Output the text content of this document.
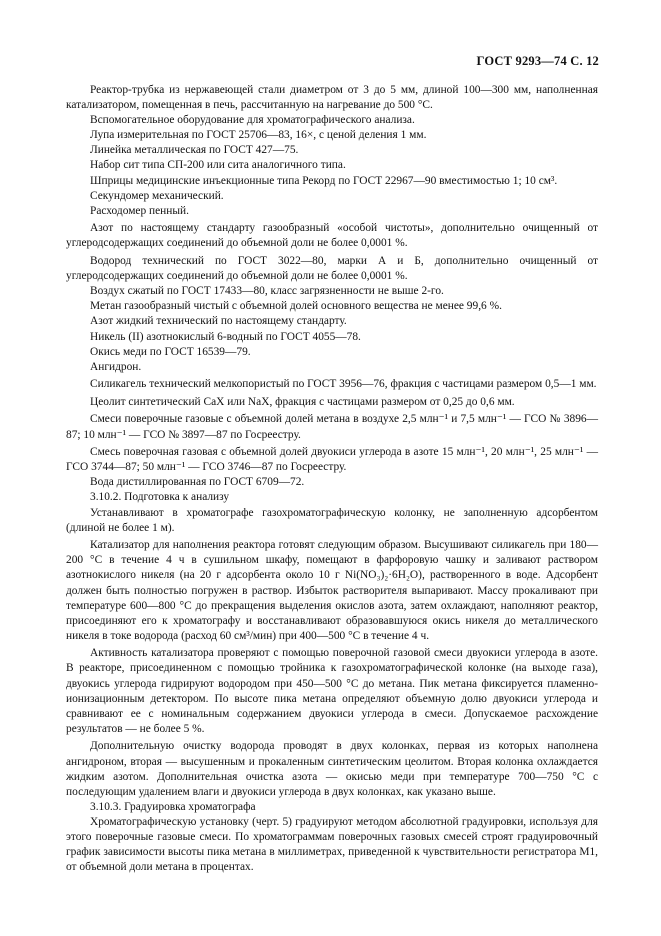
ГОСТ 9293—74 С. 12

Реактор-трубка из нержавеющей стали диаметром от 3 до 5 мм, длиной 100—300 мм, наполненная катализатором, помещенная в печь, рассчитанную на нагревание до 500 °С.

Вспомогательное оборудование для хроматографического анализа.

Лупа измерительная по ГОСТ 25706—83, 16×, с ценой деления 1 мм.

Линейка металлическая по ГОСТ 427—75.

Набор сит типа СП-200 или сита аналогичного типа.

Шприцы медицинские инъекционные типа Рекорд по ГОСТ 22967—90 вместимостью 1; 10 см³.

Секундомер механический.

Расходомер пенный.

Азот по настоящему стандарту газообразный «особой чистоты», дополнительно очищенный от углеродсодержащих соединений до объемной доли не более 0,0001 %.

Водород технический по ГОСТ 3022—80, марки А и Б, дополнительно очищенный от углеродсодержащих соединений до объемной доли не более 0,0001 %.

Воздух сжатый по ГОСТ 17433—80, класс загрязненности не выше 2-го.

Метан газообразный чистый с объемной долей основного вещества не менее 99,6 %.

Азот жидкий технический по настоящему стандарту.

Никель (II) азотнокислый 6-водный по ГОСТ 4055—78.

Окись меди по ГОСТ 16539—79.

Ангидрон.

Силикагель технический мелкопористый по ГОСТ 3956—76, фракция с частицами размером 0,5—1 мм.

Цеолит синтетический CaX или NaX, фракция с частицами размером от 0,25 до 0,6 мм.

Смеси поверочные газовые с объемной долей метана в воздухе 2,5 млн⁻¹ и 7,5 млн⁻¹ — ГСО № 3896—87; 10 млн⁻¹ — ГСО № 3897—87 по Госреестру.

Смесь поверочная газовая с объемной долей двуокиси углерода в азоте 15 млн⁻¹, 20 млн⁻¹, 25 млн⁻¹ — ГСО 3744—87; 50 млн⁻¹ — ГСО 3746—87 по Госреестру.

Вода дистиллированная по ГОСТ 6709—72.

3.10.2. Подготовка к анализу

Устанавливают в хроматографе газохроматографическую колонку, не заполненную адсорбентом (длиной не более 1 м).

Катализатор для наполнения реактора готовят следующим образом. Высушивают силикагель при 180—200 °С в течение 4 ч в сушильном шкафу, помещают в фарфоровую чашку и заливают раствором азотнокислого никеля (на 20 г адсорбента около 10 г Ni(NO₃)₂·6H₂O), растворенного в воде. Адсорбент должен быть полностью погружен в раствор. Избыток растворителя выпаривают. Массу прокаливают при температуре 600—800 °С до прекращения выделения окислов азота, затем охлаждают, наполняют реактор, присоединяют его к хроматографу и восстанавливают образовавшуюся окись никеля до металлического никеля в токе водорода (расход 60 см³/мин) при 400—500 °С в течение 4 ч.

Активность катализатора проверяют с помощью поверочной газовой смеси двуокиси углерода в азоте. В реакторе, присоединенном с помощью тройника к газохроматографической колонке (на выходе газа), двуокись углерода гидрируют водородом при 450—500 °С до метана. Пик метана фиксируется пламенно-ионизационным детектором. По высоте пика метана определяют объемную долю двуокиси углерода и сравнивают ее с номинальным содержанием двуокиси углерода в смеси. Допускаемое расхождение результатов — не более 5 %.

Дополнительную очистку водорода проводят в двух колонках, первая из которых наполнена ангидроном, вторая — высушенным и прокаленным синтетическим цеолитом. Вторая колонка охлаждается жидким азотом. Дополнительная очистка азота — окисью меди при температуре 700—750 °С с последующим удалением влаги и двуокиси углерода в двух колонках, как указано выше.

3.10.3. Градуировка хроматографа

Хроматографическую установку (черт. 5) градуируют методом абсолютной градуировки, используя для этого поверочные газовые смеси. По хроматограммам поверочных газовых смесей строят градуировочный график зависимости высоты пика метана в миллиметрах, приведенной к чувствительности регистратора М1, от объемной доли метана в процентах.
